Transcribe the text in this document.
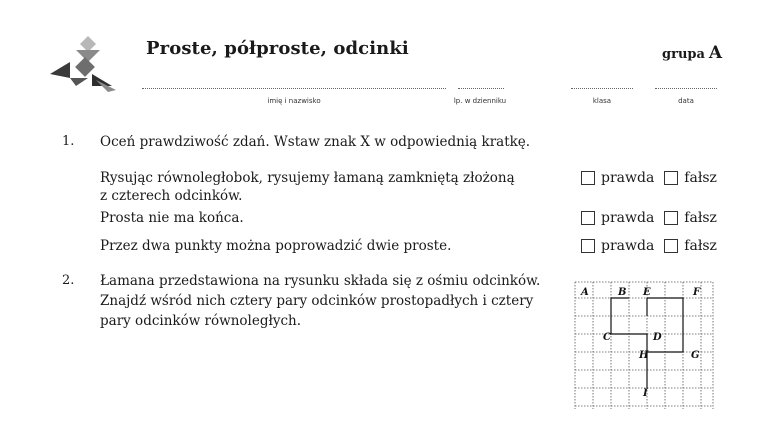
Proste, półproste, odcinki	grupa A
imię i nazwisko	lp. w dzienniku	klasa	data
1. Oceń prawdziwość zdań. Wstaw znak X w odpowiednią kratkę.
Rysując równoległobok, rysujemy łamaną zamkniętą złożoną
z czterech odcinków.
prawda fałsz
Prosta nie ma końca.	prawda fałsz
Przez dwa punkty można poprowadzić dwie proste.	prawda fałsz
2. Łamana przedstawiona na rysunku składa się z ośmiu odcinków.
Znajdź wśród nich cztery pary odcinków prostopadłych i cztery
pary odcinków równoległych.
A	B E	F
C	D
H	G
I
